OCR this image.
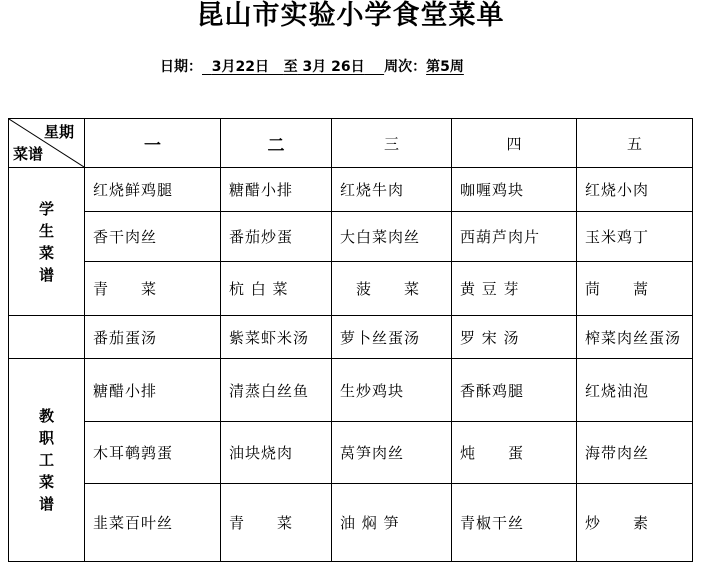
昆山市实验小学食堂菜单
日期： 3月22日 至 3月 26日 周次：第5周
星期
菜谱	一	二	三	四	五

学
生
菜
谱	红烧鲜鸡腿	糖醋小排	红烧牛肉	咖喱鸡块	红烧小肉
	香干肉丝	番茄炒蛋	大白菜肉丝	西葫芦肉片	玉米鸡丁
	青　　菜	杭 白 菜	　菠　　菜	黄 豆 芽	茼　　蒿
	番茄蛋汤	紫菜虾米汤	萝卜丝蛋汤	罗 宋 汤	榨菜肉丝蛋汤

教
职
工
菜
谱	糖醋小排	清蒸白丝鱼	生炒鸡块	香酥鸡腿	红烧油泡
	木耳鹌鹑蛋	油块烧肉	莴笋肉丝	炖　　蛋	海带肉丝
	韭菜百叶丝	青　　菜	油 焖 笋	青椒干丝	炒　　素
